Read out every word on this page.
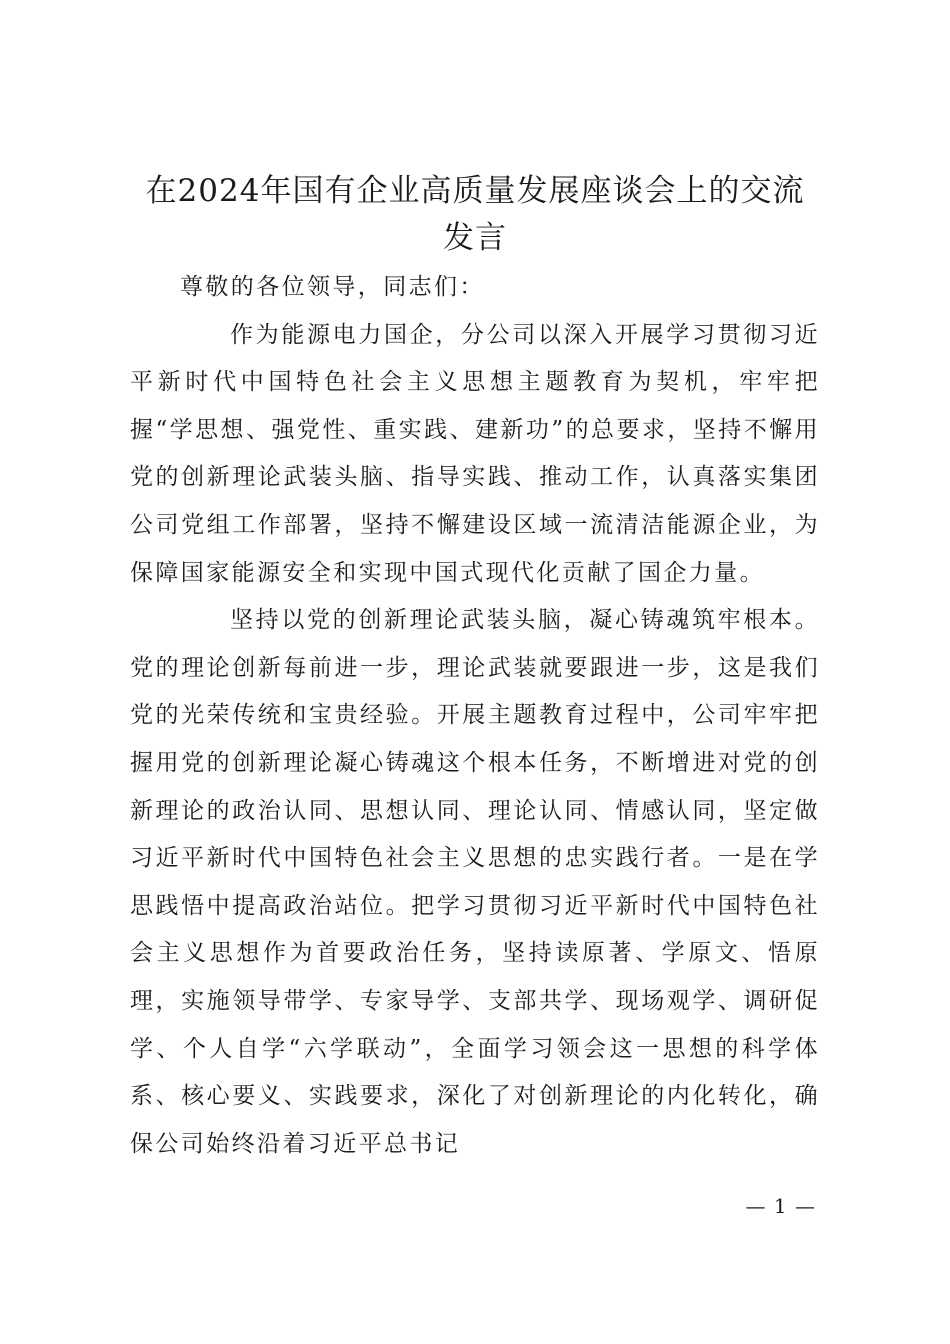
在2024年国有企业高质量发展座谈会上的交流发言

尊敬的各位领导，同志们：

作为能源电力国企，分公司以深入开展学习贯彻习近平新时代中国特色社会主义思想主题教育为契机，牢牢把握“学思想、强党性、重实践、建新功”的总要求，坚持不懈用党的创新理论武装头脑、指导实践、推动工作，认真落实集团公司党组工作部署，坚持不懈建设区域一流清洁能源企业，为保障国家能源安全和实现中国式现代化贡献了国企力量。

坚持以党的创新理论武装头脑，凝心铸魂筑牢根本。党的理论创新每前进一步，理论武装就要跟进一步，这是我们党的光荣传统和宝贵经验。开展主题教育过程中，公司牢牢把握用党的创新理论凝心铸魂这个根本任务，不断增进对党的创新理论的政治认同、思想认同、理论认同、情感认同，坚定做习近平新时代中国特色社会主义思想的忠实践行者。一是在学思践悟中提高政治站位。把学习贯彻习近平新时代中国特色社会主义思想作为首要政治任务，坚持读原著、学原文、悟原理，实施领导带学、专家导学、支部共学、现场观学、调研促学、个人自学“六学联动”，全面学习领会这一思想的科学体系、核心要义、实践要求，深化了对创新理论的内化转化，确保公司始终沿着习近平总书记

— 1 —
